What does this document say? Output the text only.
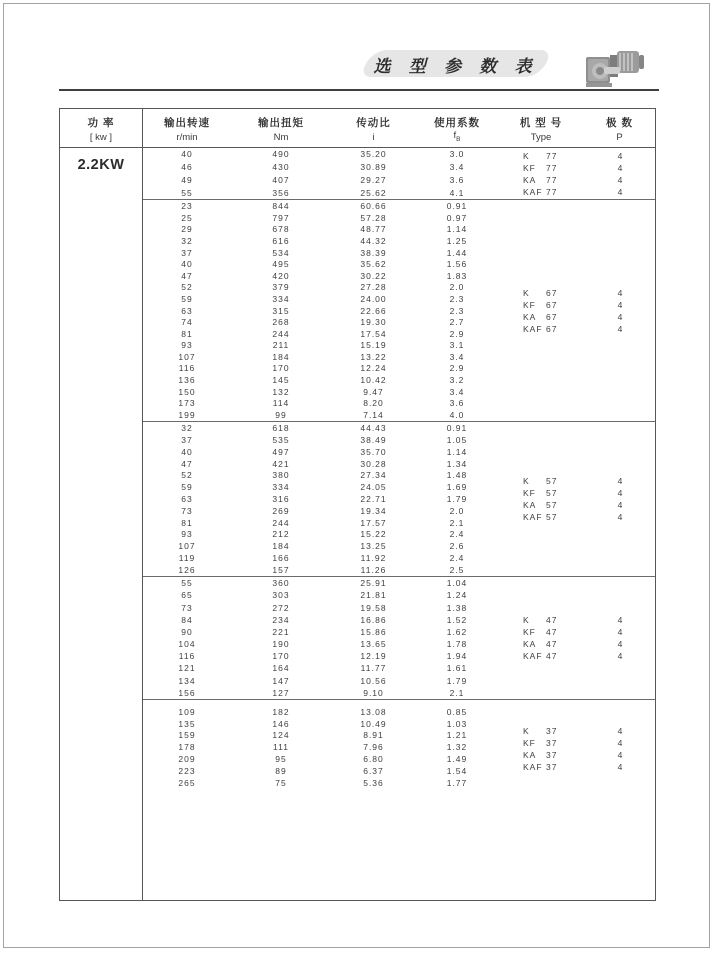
选 型 参 数 表
功 率
[ kw ]
输出转速
r/min
输出扭矩
Nm
传动比
i
使用系数
$f_B$
机 型 号
Type
极 数
P
2.2KW
40	490	35.20	3.0
46	430	30.89	3.4
49	407	29.27	3.6
55	356	25.62	4.1
K	77	4
KF	77	4
KA	77	4
KAF 77	4
23	844	60.66	0.91
25	797	57.28	0.97
29	678	48.77	1.14
32	616	44.32	1.25
37	534	38.39	1.44
40	495	35.62	1.56
47	420	30.22	1.83
52	379	27.28	2.0
59	334	24.00	2.3
63	315	22.66	2.3
74	268	19.30	2.7
81	244	17.54	2.9
93	211	15.19	3.1
107	184	13.22	3.4
116	170	12.24	2.9
136	145	10.42	3.2
150	132	9.47	3.4
173	114	8.20	3.6
199	99	7.14	4.0
K	67	4
KF	67	4
KA	67	4
KAF 67	4
32	618	44.43	0.91
37	535	38.49	1.05
40	497	35.70	1.14
47	421	30.28	1.34
52	380	27.34	1.48
59	334	24.05	1.69
63	316	22.71	1.79
73	269	19.34	2.0
81	244	17.57	2.1
93	212	15.22	2.4
107	184	13.25	2.6
119	166	11.92	2.4
126	157	11.26	2.5
K	57	4
KF	57	4
KA	57	4
KAF 57	4
55	360	25.91	1.04
65	303	21.81	1.24
73	272	19.58	1.38
84	234	16.86	1.52
90	221	15.86	1.62
104	190	13.65	1.78
116	170	12.19	1.94
121	164	11.77	1.61
134	147	10.56	1.79
156	127	9.10	2.1
K	47	4
KF	47	4
KA	47	4
KAF 47	4
109	182	13.08	0.85
135	146	10.49	1.03
159	124	8.91	1.21
178	111	7.96	1.32
209	95	6.80	1.49
223	89	6.37	1.54
265	75	5.36	1.77
K	37	4
KF	37	4
KA	37	4
KAF 37	4
